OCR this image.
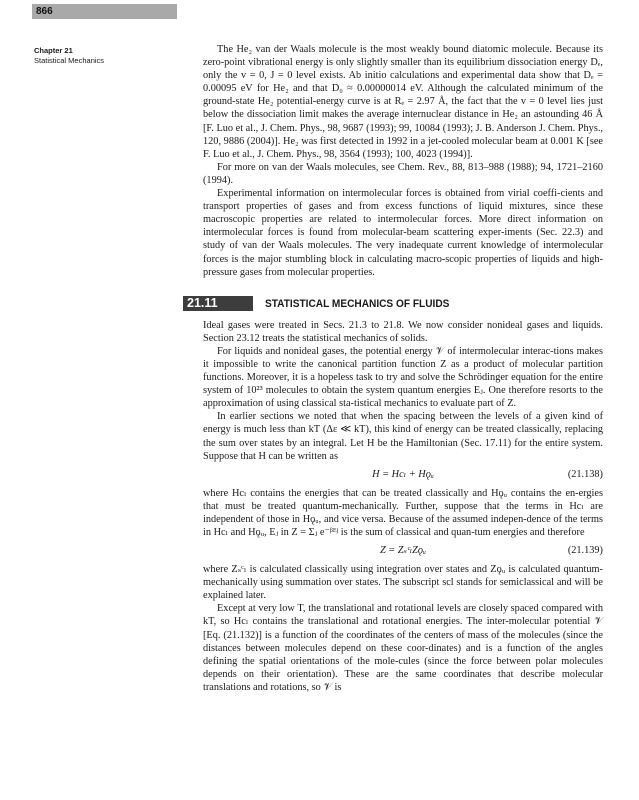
866
Chapter 21
Statistical Mechanics

The He₂ van der Waals molecule is the most weakly bound diatomic molecule. Because its zero-point vibrational energy is only slightly smaller than its equilibrium dissociation energy Dₑ, only the v = 0, J = 0 level exists. Ab initio calculations and experimental data show that Dₑ = 0.00095 eV for He₂ and that D₀ ≈ 0.00000014 eV. Although the calculated minimum of the ground-state He₂ potential-energy curve is at Rₑ = 2.97 Å, the fact that the v = 0 level lies just below the dissociation limit makes the average internuclear distance in He₂ an astounding 46 Å [F. Luo et al., J. Chem. Phys., 98, 9687 (1993); 99, 10084 (1993); J. B. Anderson J. Chem. Phys., 120, 9886 (2004)]. He₂ was first detected in 1992 in a jet-cooled molecular beam at 0.001 K [see F. Luo et al., J. Chem. Phys., 98, 3564 (1993); 100, 4023 (1994)].

For more on van der Waals molecules, see Chem. Rev., 88, 813–988 (1988); 94, 1721–2160 (1994).

Experimental information on intermolecular forces is obtained from virial coeffi-cients and transport properties of gases and from excess functions of liquid mixtures, since these macroscopic properties are related to intermolecular forces. More direct information on intermolecular forces is found from molecular-beam scattering exper-iments (Sec. 22.3) and study of van der Waals molecules. The very inadequate current knowledge of intermolecular forces is the major stumbling block in calculating macro-scopic properties of liquids and high-pressure gases from molecular properties.

21.11	STATISTICAL MECHANICS OF FLUIDS

Ideal gases were treated in Secs. 21.3 to 21.8. We now consider nonideal gases and liquids. Section 23.12 treats the statistical mechanics of solids.

For liquids and nonideal gases, the potential energy 𝒱 of intermolecular interac-tions makes it impossible to write the canonical partition function Z as a product of molecular partition functions. Moreover, it is a hopeless task to try and solve the Schrödinger equation for the entire system of 10²³ molecules to obtain the system quantum energies Eⱼ. One therefore resorts to the approximation of using classical sta-tistical mechanics to evaluate part of Z.

In earlier sections we noted that when the spacing between the levels of a given kind of energy is much less than kT (Δε ≪ kT), this kind of energy can be treated classically, replacing the sum over states by an integral. Let H be the Hamiltonian (Sec. 17.11) for the entire system. Suppose that H can be written as

H = Hсₗ + Hǫᵤ	(21.138)

where Hсₗ contains the energies that can be treated classically and Hǫᵤ contains the en-ergies that must be treated quantum-mechanically. Further, suppose that the terms in Hсₗ are independent of those in Hǫᵤ, and vice versa. Because of the assumed indepen-dence of the terms in Hсₗ and Hǫᵤ, Eⱼ in Z = Σⱼ e⁻ᵝᴱʲ is the sum of classical and quan-tum energies and therefore

Z = ZₛᶜₗZǫᵤ	(21.139)

where Zₛᶜₗ is calculated classically using integration over states and Zǫᵤ is calculated quantum-mechanically using summation over states. The subscript scl stands for semiclassical and will be explained later.

Except at very low T, the translational and rotational levels are closely spaced compared with kT, so Hсₗ contains the translational and rotational energies. The inter-molecular potential 𝒱 [Eq. (21.132)] is a function of the coordinates of the centers of mass of the molecules (since the distances between molecules depend on these coor-dinates) and is a function of the angles defining the spatial orientations of the mole-cules (since the force between polar molecules depends on their orientation). These are the same coordinates that describe molecular translations and rotations, so 𝒱 is
